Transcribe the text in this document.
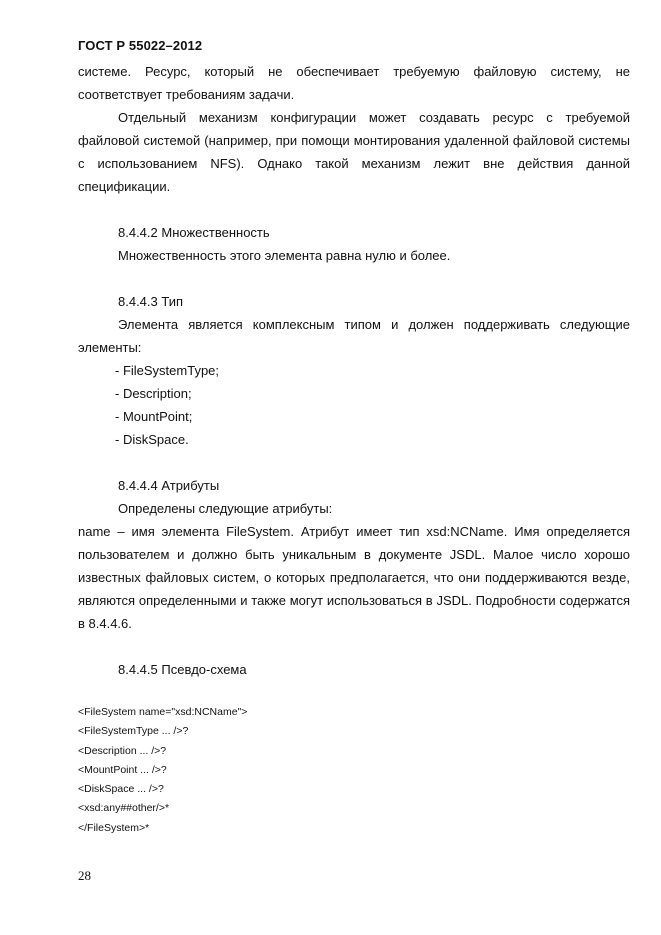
ГОСТ Р 55022–2012

системе. Ресурс, который не обеспечивает требуемую файловую систему, не

соответствует требованиям задачи.

Отдельный механизм конфигурации может создавать ресурс с требуемой файловой системой (например, при помощи монтирования удаленной файловой системы с использованием NFS). Однако такой механизм лежит вне действия данной спецификации.

8.4.4.2 Множественность

Множественность этого элемента равна нулю и более.

8.4.4.3 Тип

Элемента является комплексным типом и должен поддерживать следующие элементы:

- FileSystemType;

- Description;

- MountPoint;

- DiskSpace.

8.4.4.4 Атрибуты

Определены следующие атрибуты:

name – имя элемента FileSystem. Атрибут имеет тип xsd:NCName. Имя определяется пользователем и должно быть уникальным в документе JSDL. Малое число хорошо известных файловых систем, о которых предполагается, что они поддерживаются везде, являются определенными и также могут использоваться в JSDL. Подробности содержатся в 8.4.4.6.

8.4.4.5 Псевдо-схема

<FileSystem name="xsd:NCName">
<FileSystemType ... />?
<Description ... />?
<MountPoint ... />?
<DiskSpace ... />?
<xsd:any##other/>*
</FileSystem>*
28
